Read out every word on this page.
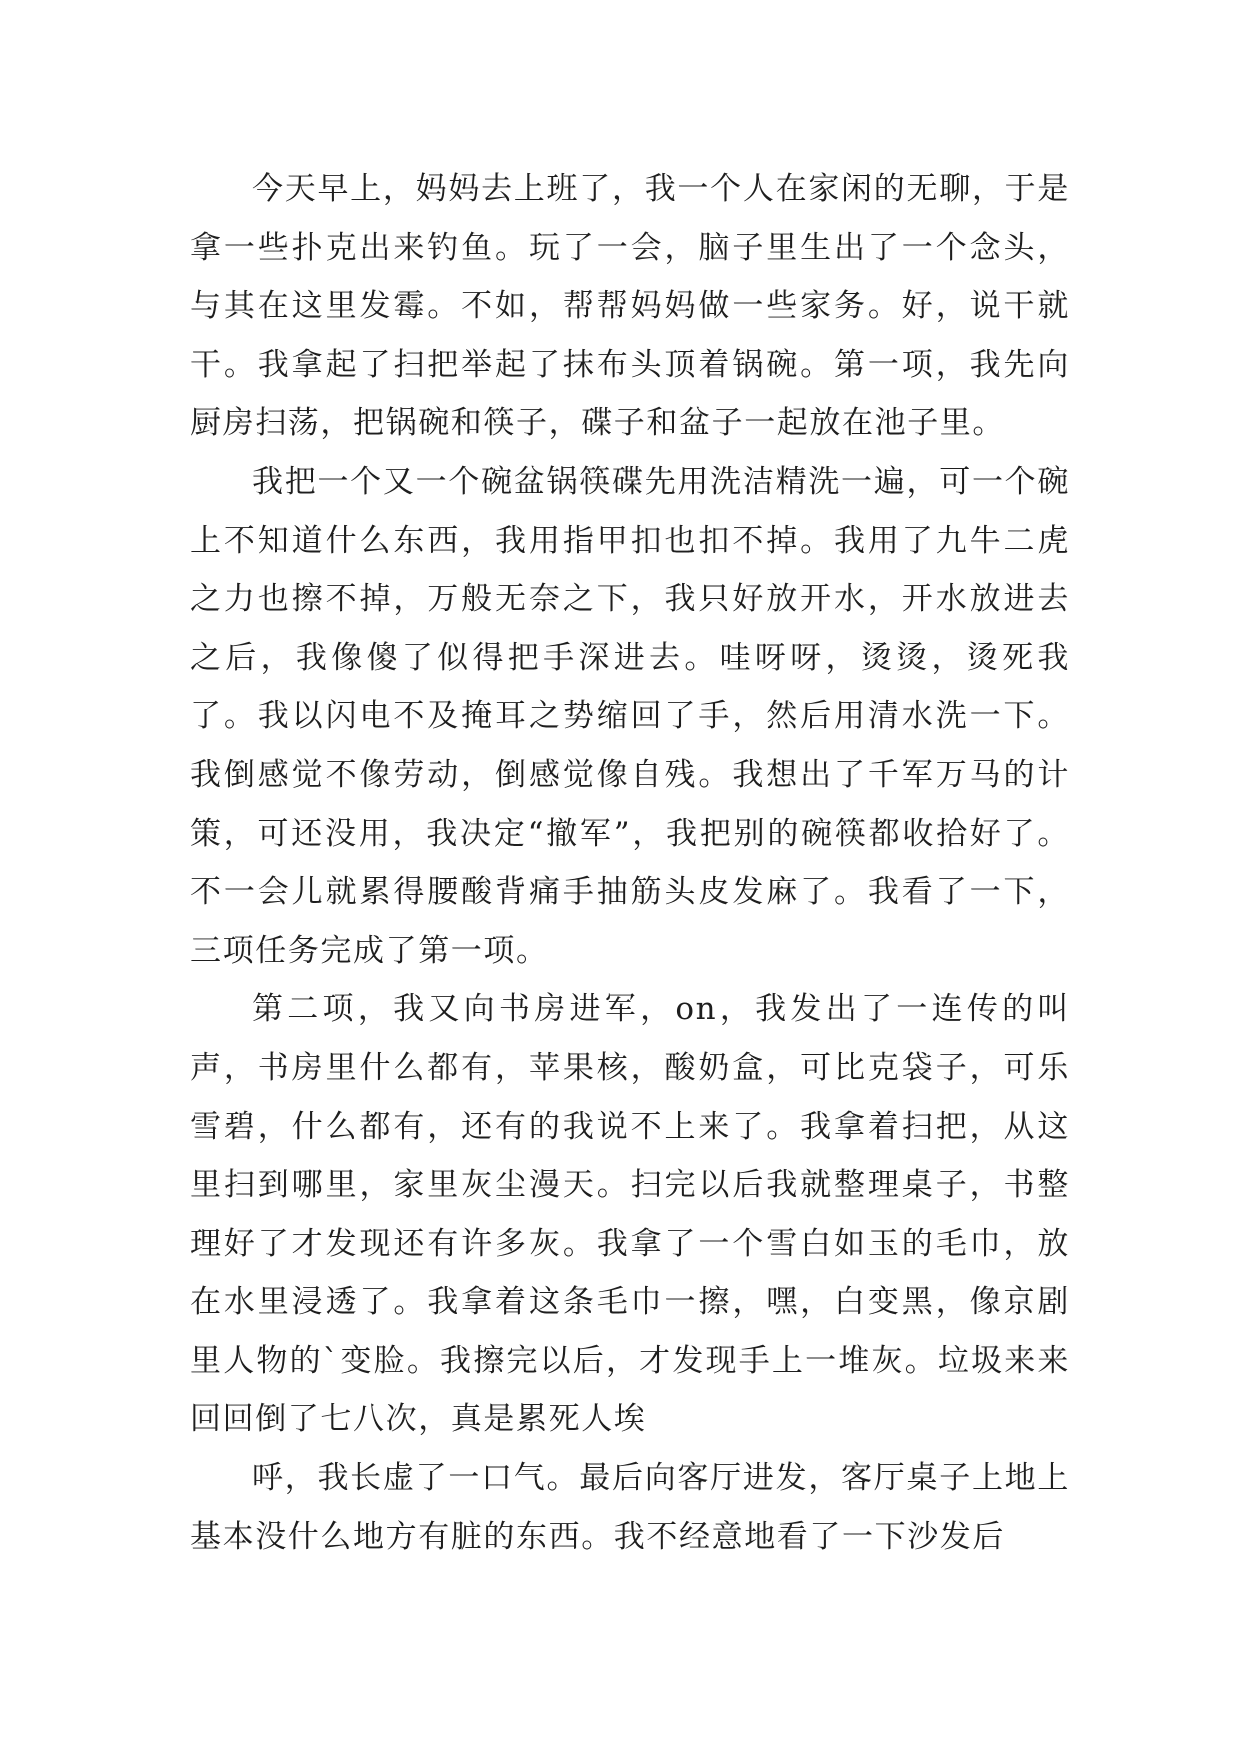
今天早上，妈妈去上班了，我一个人在家闲的无聊，于是拿一些扑克出来钓鱼。玩了一会，脑子里生出了一个念头，与其在这里发霉。不如，帮帮妈妈做一些家务。好，说干就干。我拿起了扫把举起了抹布头顶着锅碗。第一项，我先向厨房扫荡，把锅碗和筷子，碟子和盆子一起放在池子里。

我把一个又一个碗盆锅筷碟先用洗洁精洗一遍，可一个碗上不知道什么东西，我用指甲扣也扣不掉。我用了九牛二虎之力也擦不掉，万般无奈之下，我只好放开水，开水放进去之后，我像傻了似得把手深进去。哇呀呀，烫烫，烫死我了。我以闪电不及掩耳之势缩回了手，然后用清水洗一下。我倒感觉不像劳动，倒感觉像自残。我想出了千军万马的计策，可还没用，我决定“撤军”，我把别的碗筷都收拾好了。不一会儿就累得腰酸背痛手抽筋头皮发麻了。我看了一下，三项任务完成了第一项。

第二项，我又向书房进军，on，我发出了一连传的叫声，书房里什么都有，苹果核，酸奶盒，可比克袋子，可乐雪碧，什么都有，还有的我说不上来了。我拿着扫把，从这里扫到哪里，家里灰尘漫天。扫完以后我就整理桌子，书整理好了才发现还有许多灰。我拿了一个雪白如玉的毛巾，放在水里浸透了。我拿着这条毛巾一擦，嘿，白变黑，像京剧里人物的`变脸。我擦完以后，才发现手上一堆灰。垃圾来来回回倒了七八次，真是累死人埃

呼，我长虚了一口气。最后向客厅进发，客厅桌子上地上基本没什么地方有脏的东西。我不经意地看了一下沙发后
